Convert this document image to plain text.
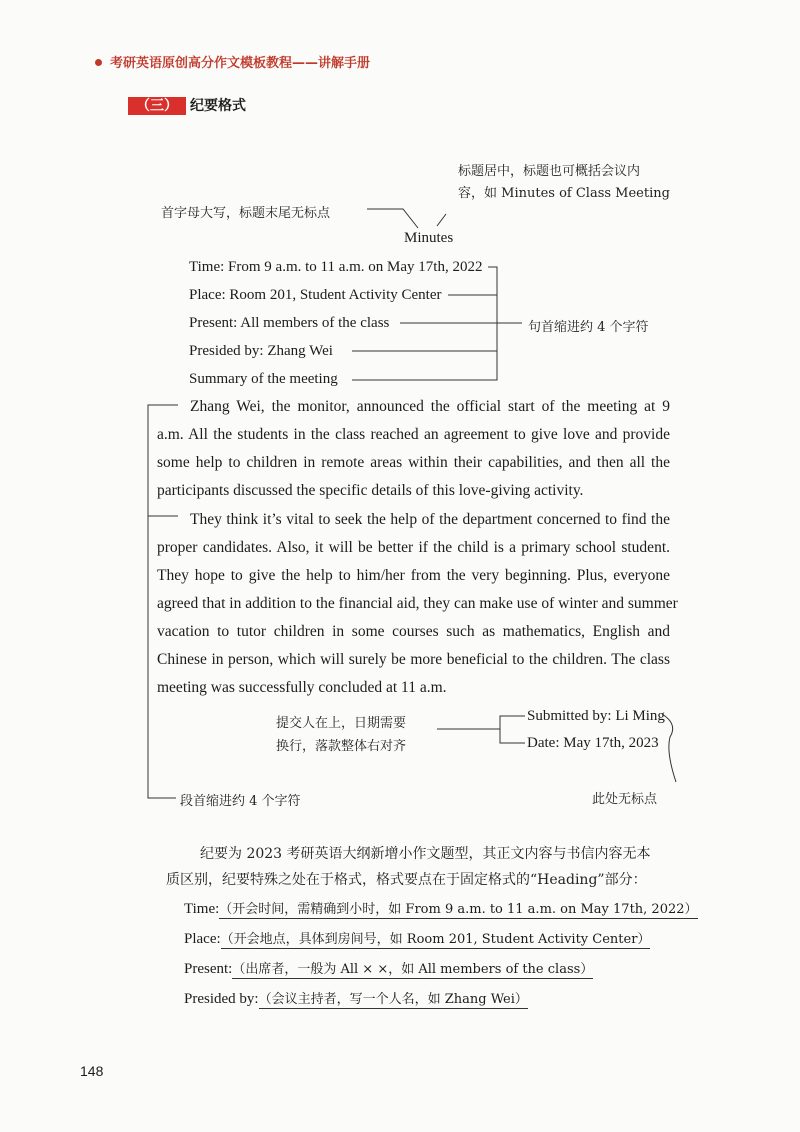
考研英语原创高分作文模板教程——讲解手册
（三） 纪要格式
标题居中，标题也可概括会议内
容，如 Minutes of Class Meeting
首字母大写，标题末尾无标点
Minutes
Time: From 9 a.m. to 11 a.m. on May 17th, 2022
Place: Room 201, Student Activity Center
Present: All members of the class
Presided by: Zhang Wei
Summary of the meeting
句首缩进约 4 个字符
Zhang Wei, the monitor, announced the official start of the meeting at 9
a.m. All the students in the class reached an agreement to give love and provide
some help to children in remote areas within their capabilities, and then all the
participants discussed the specific details of this love-giving activity.
They think it’s vital to seek the help of the department concerned to find the
proper candidates. Also, it will be better if the child is a primary school student.
They hope to give the help to him/her from the very beginning. Plus, everyone
agreed that in addition to the financial aid, they can make use of winter and summer
vacation to tutor children in some courses such as mathematics, English and
Chinese in person, which will surely be more beneficial to the children. The class
meeting was successfully concluded at 11 a.m.
提交人在上，日期需要
换行，落款整体右对齐
Submitted by: Li Ming
Date: May 17th, 2023
段首缩进约 4 个字符	此处无标点
纪要为 2023 考研英语大纲新增小作文题型，其正文内容与书信内容无本
质区别，纪要特殊之处在于格式，格式要点在于固定格式的“Heading”部分：
Time:（开会时间，需精确到小时，如 From 9 a.m. to 11 a.m. on May 17th, 2022）
Place:（开会地点，具体到房间号，如 Room 201, Student Activity Center）
Present:（出席者，一般为 All × ×，如 All members of the class）
Presided by:（会议主持者，写一个人名，如 Zhang Wei）
148
